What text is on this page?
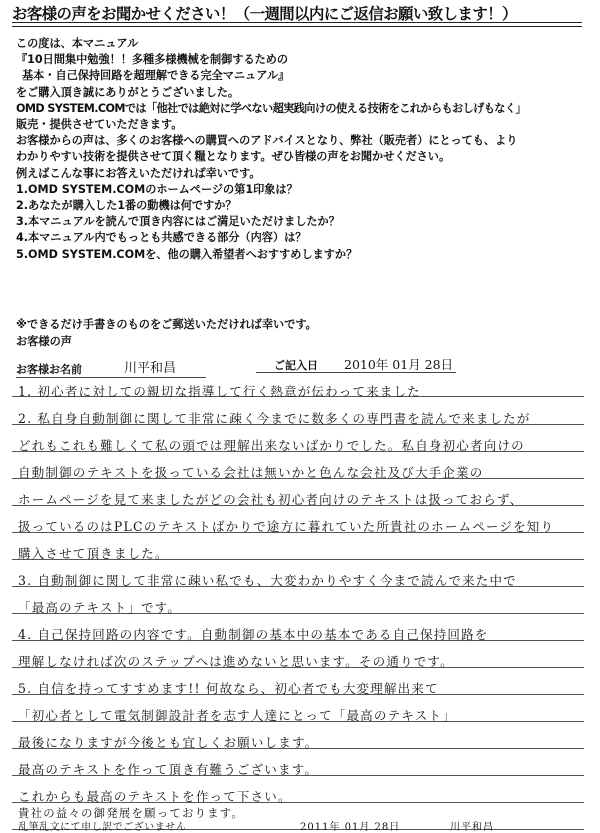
お客様の声をお聞かせください！（一週間以内にご返信お願い致します！）
この度は、本マニュアル
『10日間集中勉強！！多種多様機械を制御するための
基本・自己保持回路を超理解できる完全マニュアル』
をご購入頂き誠にありがとうございました。
OMD SYSTEM.COMでは「他社では絶対に学べない超実践向けの使える技術をこれからもおしげもなく」
販売・提供させていただきます。
お客様からの声は、多くのお客様への購買へのアドバイスとなり、弊社（販売者）にとっても、より
わかりやすい技術を提供させて頂く糧となります。ぜひ皆様の声をお聞かせください。
例えばこんな事にお答えいただければ幸いです。
1.OMD SYSTEM.COMのホームページの第1印象は？
2.あなたが購入した1番の動機は何ですか？
3.本マニュアルを読んで頂き内容にはご満足いただけましたか？
4.本マニュアル内でもっとも共感できる部分（内容）は？
5.OMD SYSTEM.COMを、他の購入希望者へおすすめしますか？
※できるだけ手書きのものをご郵送いただければ幸いです。
お客様の声
お客様お名前	川平和昌	ご記入日 2010年 01月 28日
1. 初心者に対しての親切な指導して行く熱意が伝わって来ました
2. 私自身自動制御に関して非常に疎く今までに数多くの専門書を読んで来ましたが
どれもこれも難しくて私の頭では理解出来ないばかりでした。私自身初心者向けの
自動制御のテキストを扱っている会社は無いかと色んな会社及び大手企業の
ホームページを見て来ましたがどの会社も初心者向けのテキストは扱っておらず、
扱っているのはPLCのテキストばかりで途方に暮れていた所貴社のホームページを知り
購入させて頂きました。
3. 自動制御に関して非常に疎い私でも、大変わかりやすく今まで読んで来た中で
「最高のテキスト」です。
4. 自己保持回路の内容です。自動制御の基本中の基本である自己保持回路を
理解しなければ次のステップへは進めないと思います。その通りです。
5. 自信を持ってすすめます!! 何故なら、初心者でも大変理解出来て
「初心者として電気制御設計者を志す人達にとって「最高のテキスト」
最後になりますが今後とも宜しくお願いします。
最高のテキストを作って頂き有難うございます。
これからも最高のテキストを作って下さい。
貴社の益々の御発展を願っております。
乱筆乱文にて申し訳でございません	2011年 01月 28日	川平和昌
